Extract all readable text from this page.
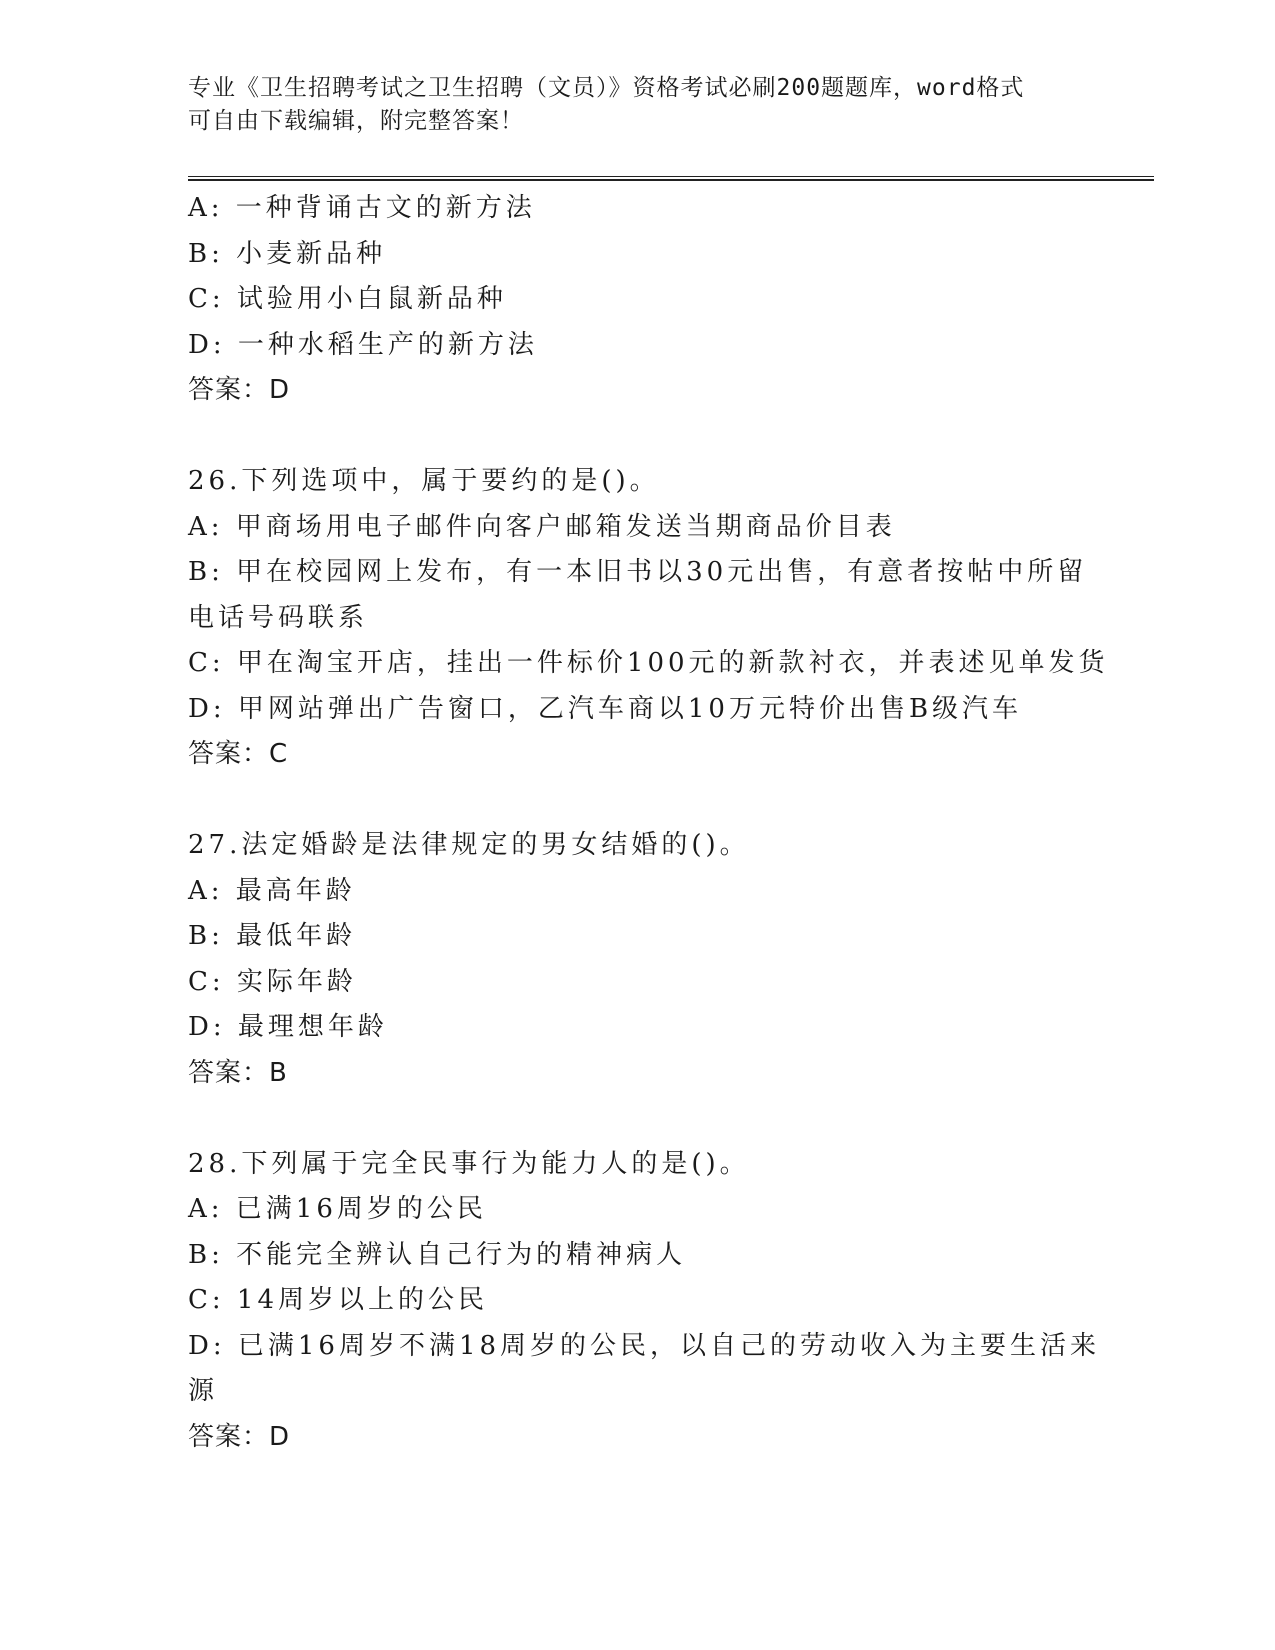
专业《卫生招聘考试之卫生招聘（文员）》资格考试必刷200题题库，word格式
可自由下载编辑，附完整答案！
A: 一种背诵古文的新方法
B: 小麦新品种
C: 试验用小白鼠新品种
D: 一种水稻生产的新方法
答案：D
26.下列选项中，属于要约的是()。
A: 甲商场用电子邮件向客户邮箱发送当期商品价目表
B: 甲在校园网上发布，有一本旧书以30元出售，有意者按帖中所留
电话号码联系
C: 甲在淘宝开店，挂出一件标价100元的新款衬衣，并表述见单发货
D: 甲网站弹出广告窗口，乙汽车商以10万元特价出售B级汽车
答案：C
27.法定婚龄是法律规定的男女结婚的()。
A: 最高年龄
B: 最低年龄
C: 实际年龄
D: 最理想年龄
答案：B
28.下列属于完全民事行为能力人的是()。
A: 已满16周岁的公民
B: 不能完全辨认自己行为的精神病人
C: 14周岁以上的公民
D: 已满16周岁不满18周岁的公民，以自己的劳动收入为主要生活来
源
答案：D
